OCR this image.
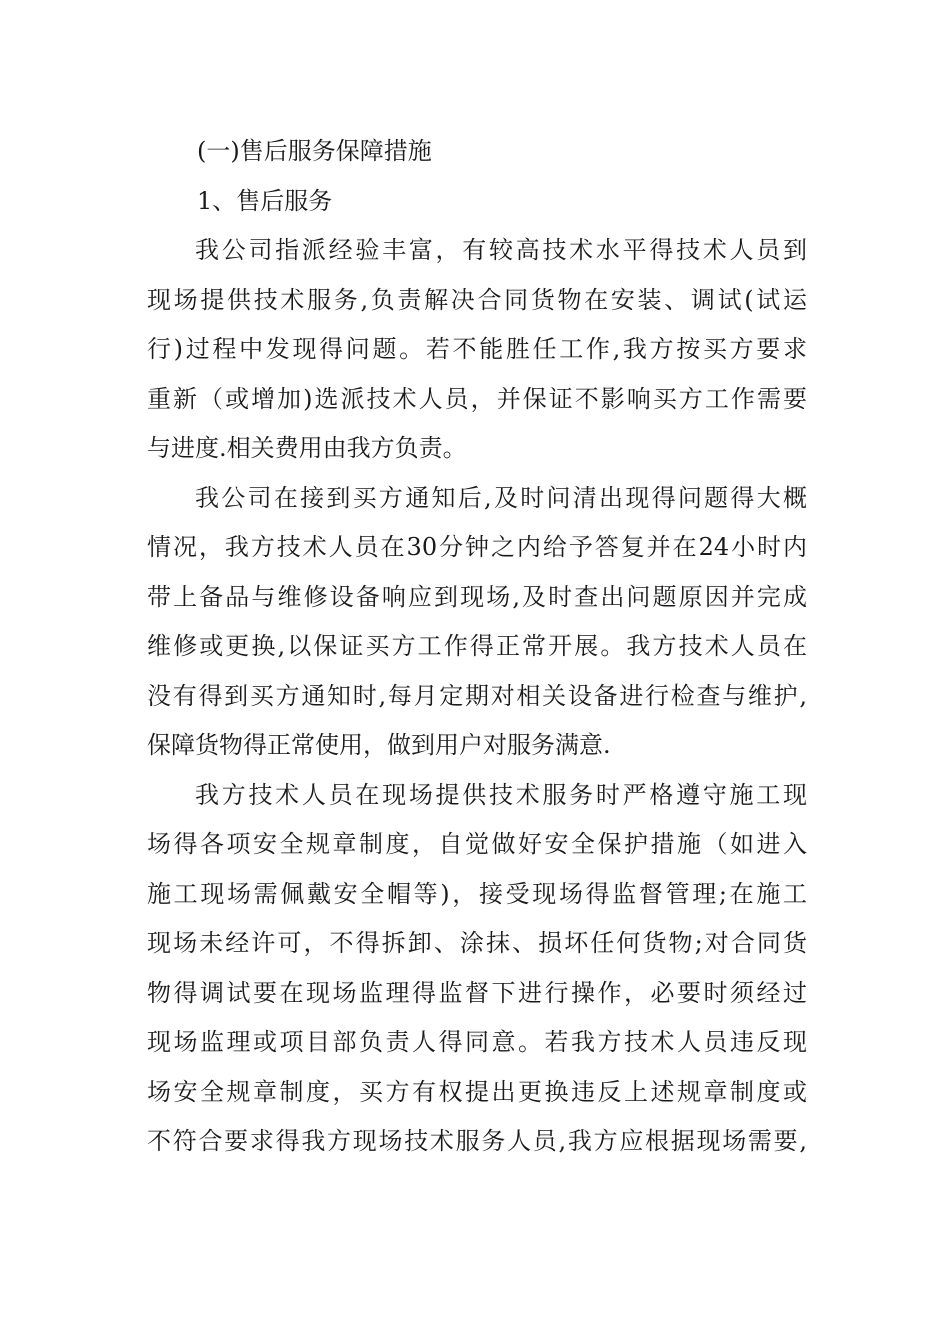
(一)售后服务保障措施
1、售后服务
我公司指派经验丰富，有较高技术水平得技术人员到
现场提供技术服务,负责解决合同货物在安装、调试(试运
行)过程中发现得问题。若不能胜任工作,我方按买方要求
重新（或增加)选派技术人员，并保证不影响买方工作需要
与进度.相关费用由我方负责。
我公司在接到买方通知后,及时问清出现得问题得大概
情况，我方技术人员在30分钟之内给予答复并在24小时内
带上备品与维修设备响应到现场,及时查出问题原因并完成
维修或更换,以保证买方工作得正常开展。我方技术人员在
没有得到买方通知时,每月定期对相关设备进行检查与维护,
保障货物得正常使用，做到用户对服务满意.
我方技术人员在现场提供技术服务时严格遵守施工现
场得各项安全规章制度，自觉做好安全保护措施（如进入
施工现场需佩戴安全帽等)，接受现场得监督管理;在施工
现场未经许可，不得拆卸、涂抹、损坏任何货物;对合同货
物得调试要在现场监理得监督下进行操作，必要时须经过
现场监理或项目部负责人得同意。若我方技术人员违反现
场安全规章制度，买方有权提出更换违反上述规章制度或
不符合要求得我方现场技术服务人员,我方应根据现场需要,
